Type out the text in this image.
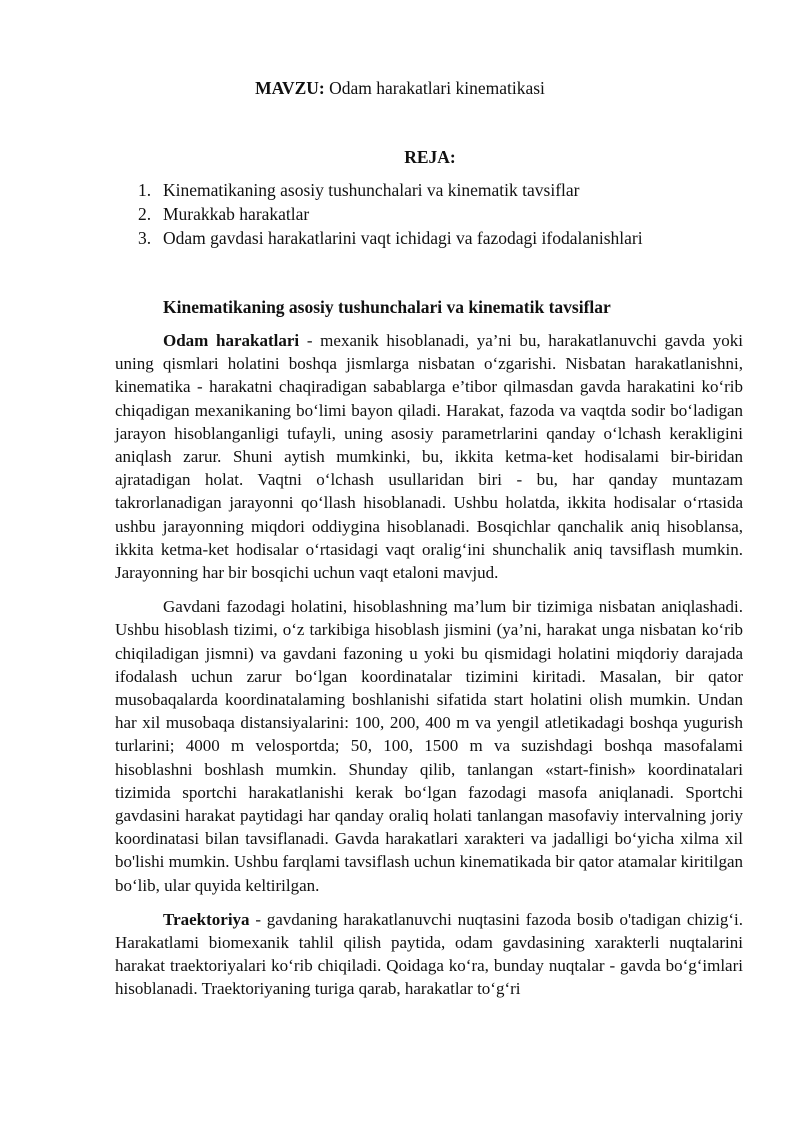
MAVZU: Odam harakatlari kinematikasi
REJA:
1. Kinematikaning asosiy tushunchalari va kinematik tavsiflar
2. Murakkab harakatlar
3. Odam gavdasi harakatlarini vaqt ichidagi va fazodagi ifodalanishlari
Kinematikaning asosiy tushunchalari va kinematik tavsiflar

Odam harakatlari - mexanik hisoblanadi, ya’ni bu, harakatlanuvchi gavda yoki uning qismlari holatini boshqa jismlarga nisbatan o‘zgarishi. Nisbatan harakatlanishni, kinematika - harakatni chaqiradigan sabablarga e’tibor qilmasdan gavda harakatini ko‘rib chiqadigan mexanikaning bo‘limi bayon qiladi. Harakat, fazoda va vaqtda sodir bo‘ladigan jarayon hisoblanganligi tufayli, uning asosiy parametrlarini qanday o‘lchash kerakligini aniqlash zarur. Shuni aytish mumkinki, bu, ikkita ketma-ket hodisalami bir-biridan ajratadigan holat. Vaqtni o‘lchash usullaridan biri - bu, har qanday muntazam takrorlanadigan jarayonni qo‘llash hisoblanadi. Ushbu holatda, ikkita hodisalar o‘rtasida ushbu jarayonning miqdori oddiygina hisoblanadi. Bosqichlar qanchalik aniq hisoblansa, ikkita ketma-ket hodisalar o‘rtasidagi vaqt oralig‘ini shunchalik aniq tavsiflash mumkin. Jarayonning har bir bosqichi uchun vaqt etaloni mavjud.

Gavdani fazodagi holatini, hisoblashning ma’lum bir tizimiga nisbatan aniqlashadi. Ushbu hisoblash tizimi, o‘z tarkibiga hisoblash jismini (ya’ni, harakat unga nisbatan ko‘rib chiqiladigan jismni) va gavdani fazoning u yoki bu qismidagi holatini miqdoriy darajada ifodalash uchun zarur bo‘lgan koordinatalar tizimini kiritadi. Masalan, bir qator musobaqalarda koordinatalaming boshlanishi sifatida start holatini olish mumkin. Undan har xil musobaqa distansiyalarini: 100, 200, 400 m va yengil atletikadagi boshqa yugurish turlarini; 4000 m velosportda; 50, 100, 1500 m va suzishdagi boshqa masofalami hisoblashni boshlash mumkin. Shunday qilib, tanlangan «start-finish» koordinatalari tizimida sportchi harakatlanishi kerak bo‘lgan fazodagi masofa aniqlanadi. Sportchi gavdasini harakat paytidagi har qanday oraliq holati tanlangan masofaviy intervalning joriy koordinatasi bilan tavsiflanadi. Gavda harakatlari xarakteri va jadalligi bo‘yicha xilma xil bo'lishi mumkin. Ushbu farqlami tavsiflash uchun kinematikada bir qator atamalar kiritilgan bo‘lib, ular quyida keltirilgan.

Traektoriya - gavdaning harakatlanuvchi nuqtasini fazoda bosib o'tadigan chizig‘i. Harakatlami biomexanik tahlil qilish paytida, odam gavdasining xarakterli nuqtalarini harakat traektoriyalari ko‘rib chiqiladi. Qoidaga ko‘ra, bunday nuqtalar - gavda bo‘g‘imlari hisoblanadi. Traektoriyaning turiga qarab, harakatlar to‘g‘ri
